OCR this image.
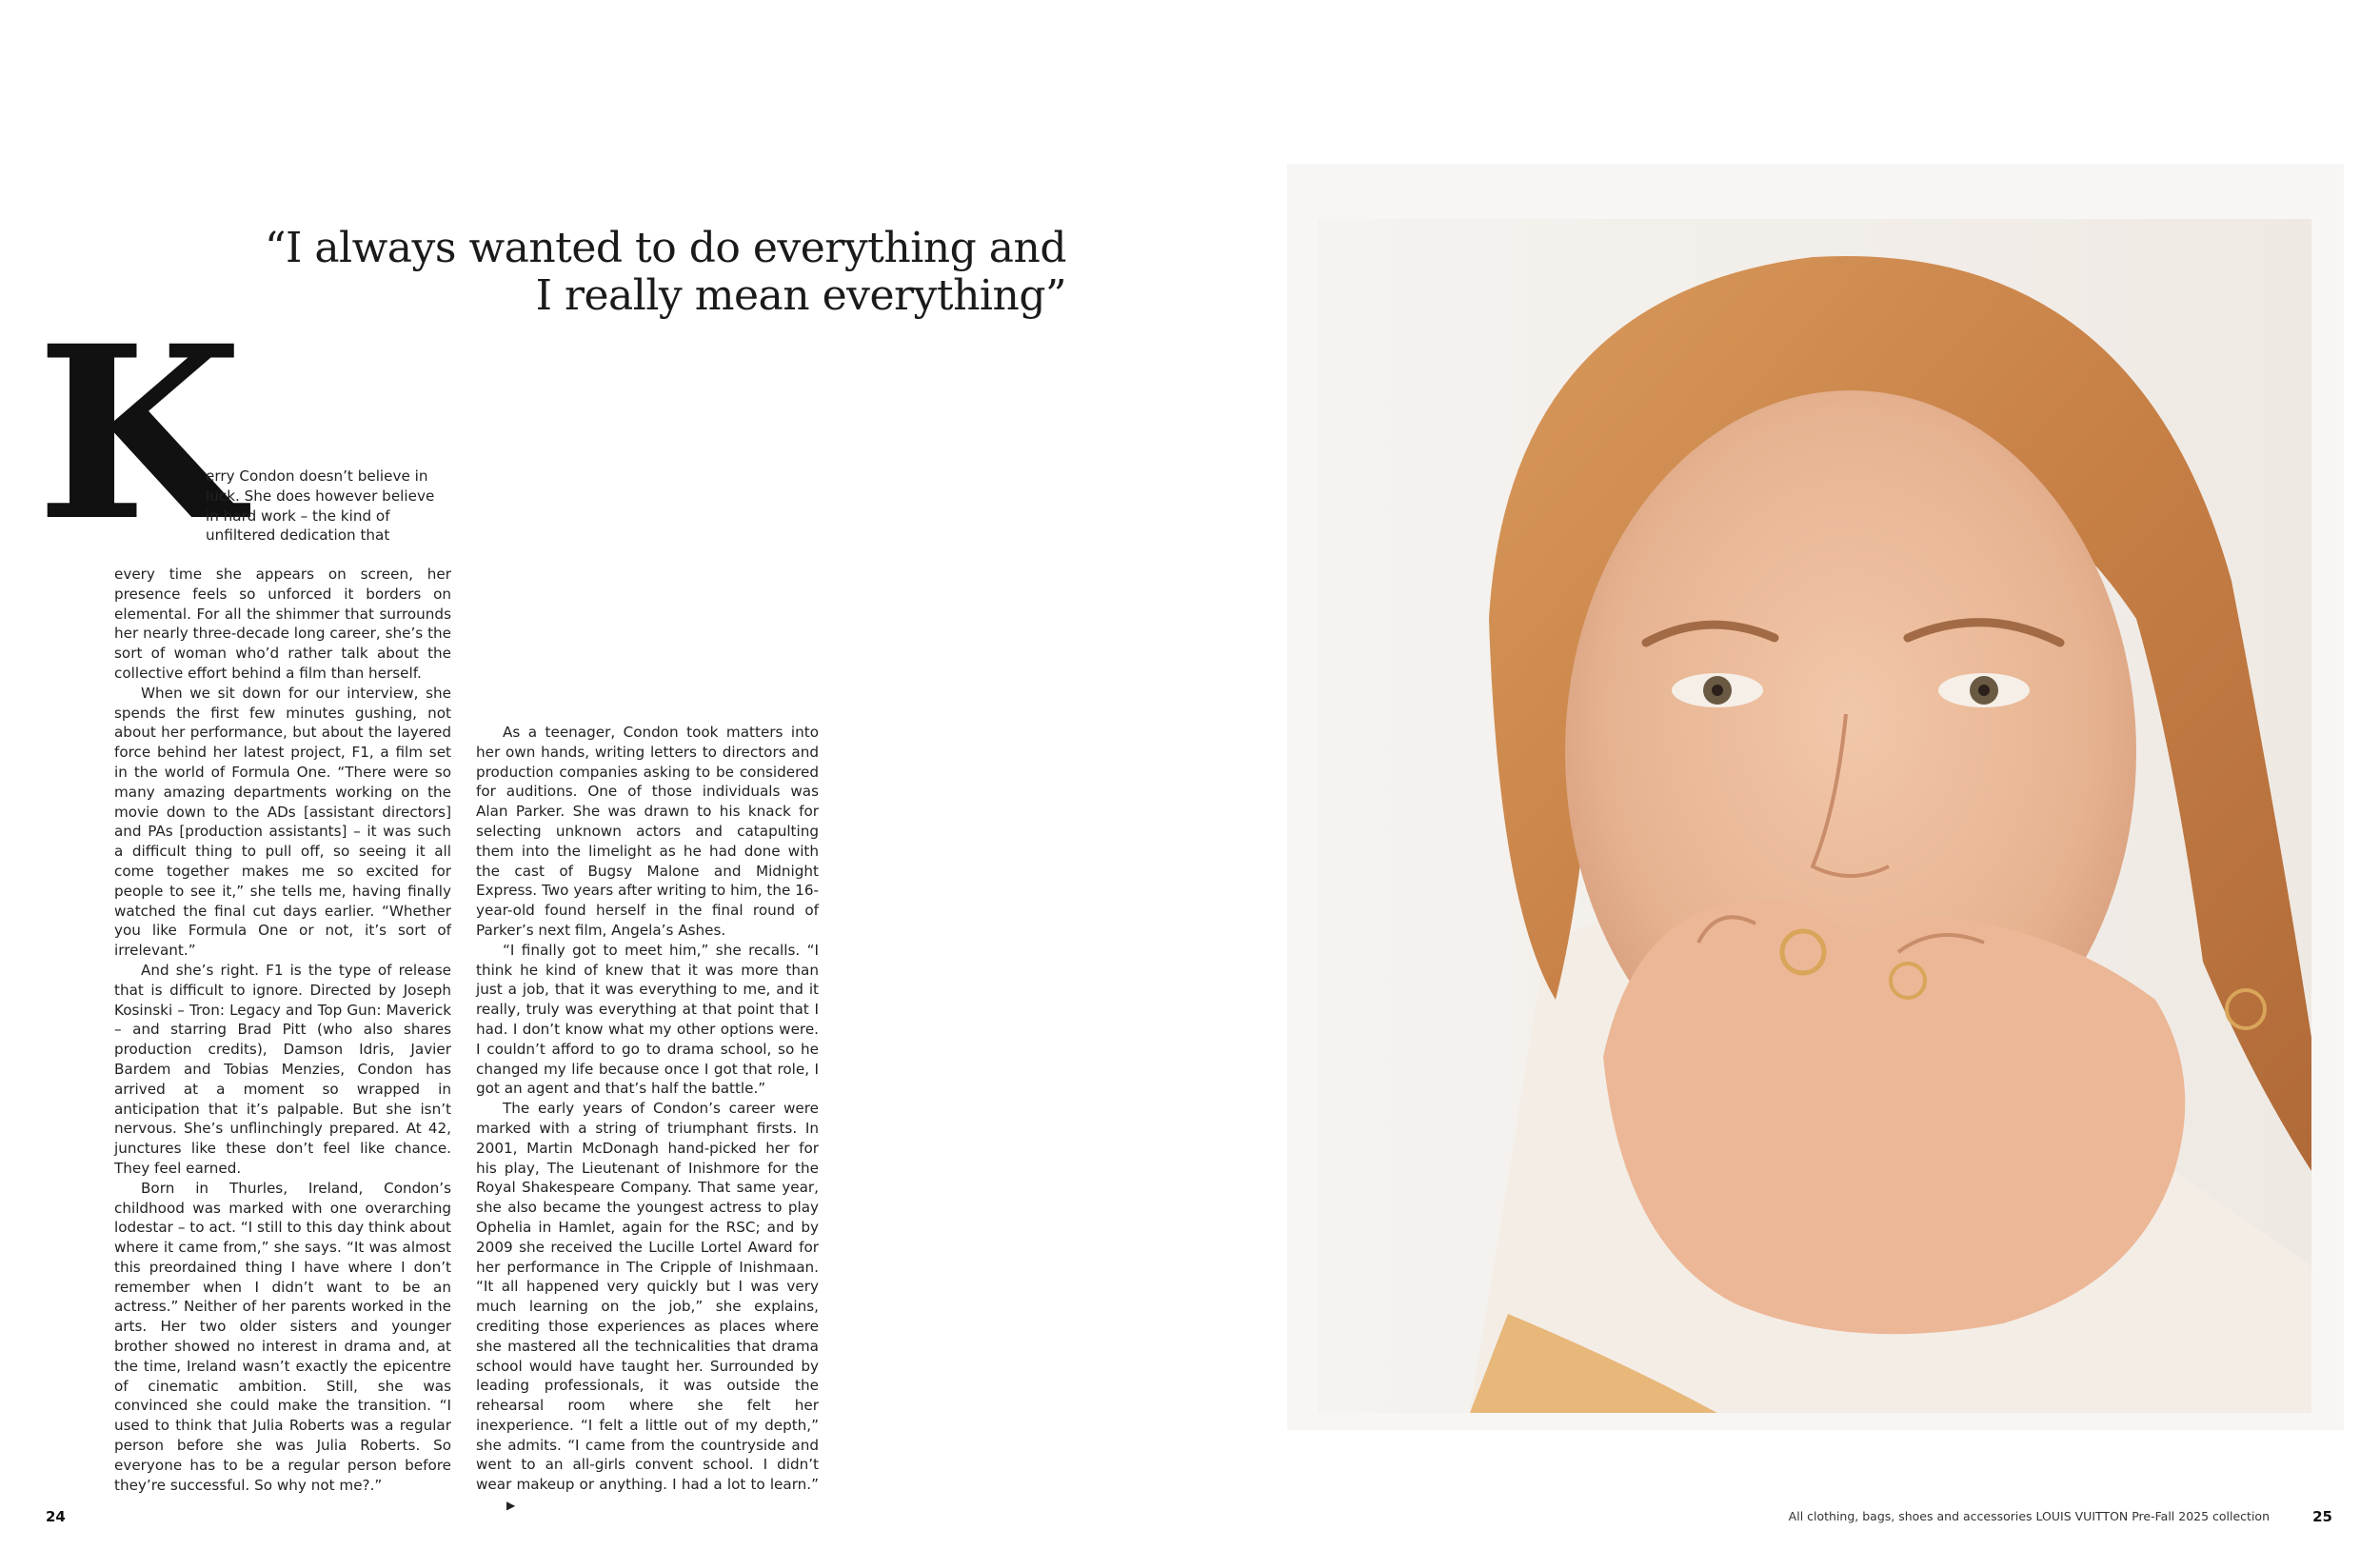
“I always wanted to do everything and
I really mean everything”
K
erry Condon doesn’t believe in
luck. She does however believe
in hard work – the kind of
unfiltered dedication that

every time she appears on screen, her presence feels so unforced it borders on elemental. For all the shimmer that surrounds her nearly three-decade long career, she’s the sort of woman who’d rather talk about the collective effort behind a film than herself.

When we sit down for our interview, she spends the first few minutes gushing, not about her performance, but about the layered force behind her latest project, F1, a film set in the world of Formula One. “There were so many amazing departments working on the movie down to the ADs [assistant directors] and PAs [production assistants] – it was such a difficult thing to pull off, so seeing it all come together makes me so excited for people to see it,” she tells me, having finally watched the final cut days earlier. “Whether you like Formula One or not, it’s sort of irrelevant.”

And she’s right. F1 is the type of release that is difficult to ignore. Directed by Joseph Kosinski – Tron: Legacy and Top Gun: Maverick – and starring Brad Pitt (who also shares production credits), Damson Idris, Javier Bardem and Tobias Menzies, Condon has arrived at a moment so wrapped in anticipation that it’s palpable. But she isn’t nervous. She’s unflinchingly prepared. At 42, junctures like these don’t feel like chance. They feel earned.

Born in Thurles, Ireland, Condon’s childhood was marked with one overarching lodestar – to act. “I still to this day think about where it came from,” she says. “It was almost this preordained thing I have where I don’t remember when I didn’t want to be an actress.” Neither of her parents worked in the arts. Her two older sisters and younger brother showed no interest in drama and, at the time, Ireland wasn’t exactly the epicentre of cinematic ambition. Still, she was convinced she could make the transition. “I used to think that Julia Roberts was a regular person before she was Julia Roberts. So everyone has to be a regular person before they’re successful. So why not me?.”

As a teenager, Condon took matters into her own hands, writing letters to directors and production companies asking to be considered for auditions. One of those individuals was Alan Parker. She was drawn to his knack for selecting unknown actors and catapulting them into the limelight as he had done with the cast of Bugsy Malone and Midnight Express. Two years after writing to him, the 16-year-old found herself in the final round of Parker’s next film, Angela’s Ashes.

“I finally got to meet him,” she recalls. “I think he kind of knew that it was more than just a job, that it was everything to me, and it really, truly was everything at that point that I had. I don’t know what my other options were. I couldn’t afford to go to drama school, so he changed my life because once I got that role, I got an agent and that’s half the battle.”

The early years of Condon’s career were marked with a string of triumphant firsts. In 2001, Martin McDonagh hand-picked her for his play, The Lieutenant of Inishmore for the Royal Shakespeare Company. That same year, she also became the youngest actress to play Ophelia in Hamlet, again for the RSC; and by 2009 she received the Lucille Lortel Award for her performance in The Cripple of Inishmaan. “It all happened very quickly but I was very much learning on the job,” she explains, crediting those experiences as places where she mastered all the technicalities that drama school would have taught her. Surrounded by leading professionals, it was outside the rehearsal room where she felt her inexperience. “I felt a little out of my depth,” she admits. “I came from the countryside and went to an all-girls convent school. I didn’t wear makeup or anything. I had a lot to learn.”▶

24	All clothing, bags, shoes and accessories LOUIS VUITTON Pre-Fall 2025 collection	25
